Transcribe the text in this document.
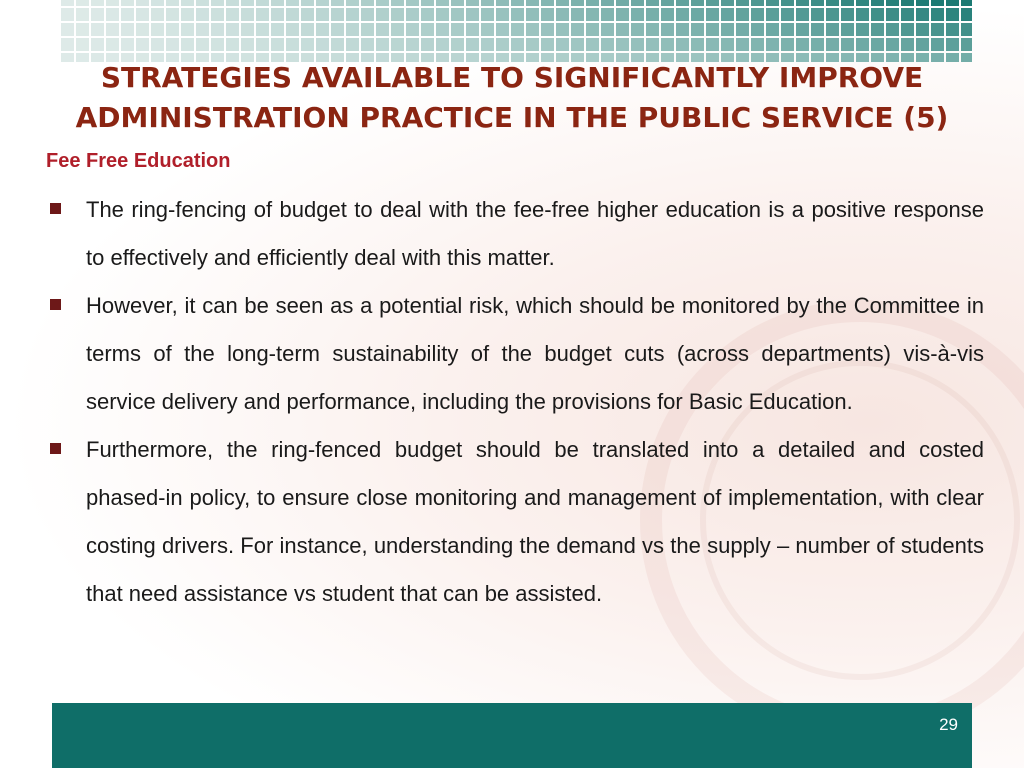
STRATEGIES AVAILABLE TO SIGNIFICANTLY IMPROVE ADMINISTRATION PRACTICE IN THE PUBLIC SERVICE (5)

Fee Free Education

The ring-fencing of budget to deal with the fee-free higher education is a positive response to effectively and efficiently deal with this matter.
However, it can be seen as a potential risk, which should be monitored by the Committee in terms of the long-term sustainability of the budget cuts (across departments) vis-à-vis service delivery and performance, including the provisions for Basic Education.
Furthermore, the ring-fenced budget should be translated into a detailed and costed phased-in policy, to ensure close monitoring and management of implementation, with clear costing drivers. For instance, understanding the demand vs the supply – number of students that need assistance vs student that can be assisted.
29
